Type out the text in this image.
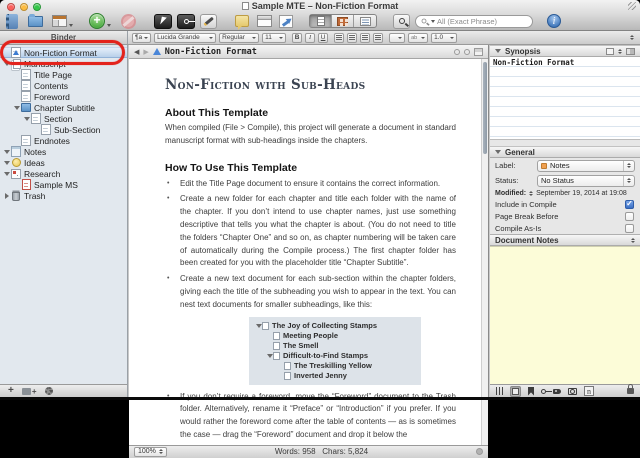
Sample MTE – Non-Fiction Format
+	All (Exact Phrase)	i
Binder	¶a Lucida Grande	Regular	11	B	I	U	ab	1.0
Non-Fiction Format
Manuscript
Title Page
Contents
Foreword
Chapter Subtitle
Section
Sub-Section
Endnotes
Notes
Ideas
Research
Sample MS
Trash
+
+
◀ ▶ Non-Fiction Format
Non-Fiction with Sub-Heads
About This Template

When compiled (File > Compile), this project will generate a document in standard manuscript format with sub-headings inside the chapters.

How To Use This Template
• Edit the Title Page document to ensure it contains the correct information.
• Create a new folder for each chapter and title each folder with the name of the chapter. If you don’t intend to use chapter names, just use something descriptive that tells you what the chapter is about. (You do not need to title the folders “Chapter One” and so on, as chapter numbering will be taken care of automatically during the Compile process.) The first chapter folder has been created for you with the placeholder title “Chapter Subtitle”.
• Create a new text document for each sub-section within the chapter folders, giving each the title of the subheading you wish to appear in the text. You can nest text documents for smaller subheadings, like this:
The Joy of Collecting Stamps
Meeting People
The Smell
Difficult-to-Find Stamps
The Treskilling Yellow
Inverted Jenny
• folder. Alternatively, rename it “Preface” or “Introduction” if you prefer. If you would rather the foreword come after the table of contents — as is sometimes the case — drag the “Foreword” document and drop it below the
100%	Words: 958 Chars: 5,824
Synopsis
Non-Fiction Format
General
Label:	Notes
Status:	No Status
Modified: September 19, 2014 at 19:08
Include in Compile	✓
Page Break Before
Compile As-Is
Document Notes
n
